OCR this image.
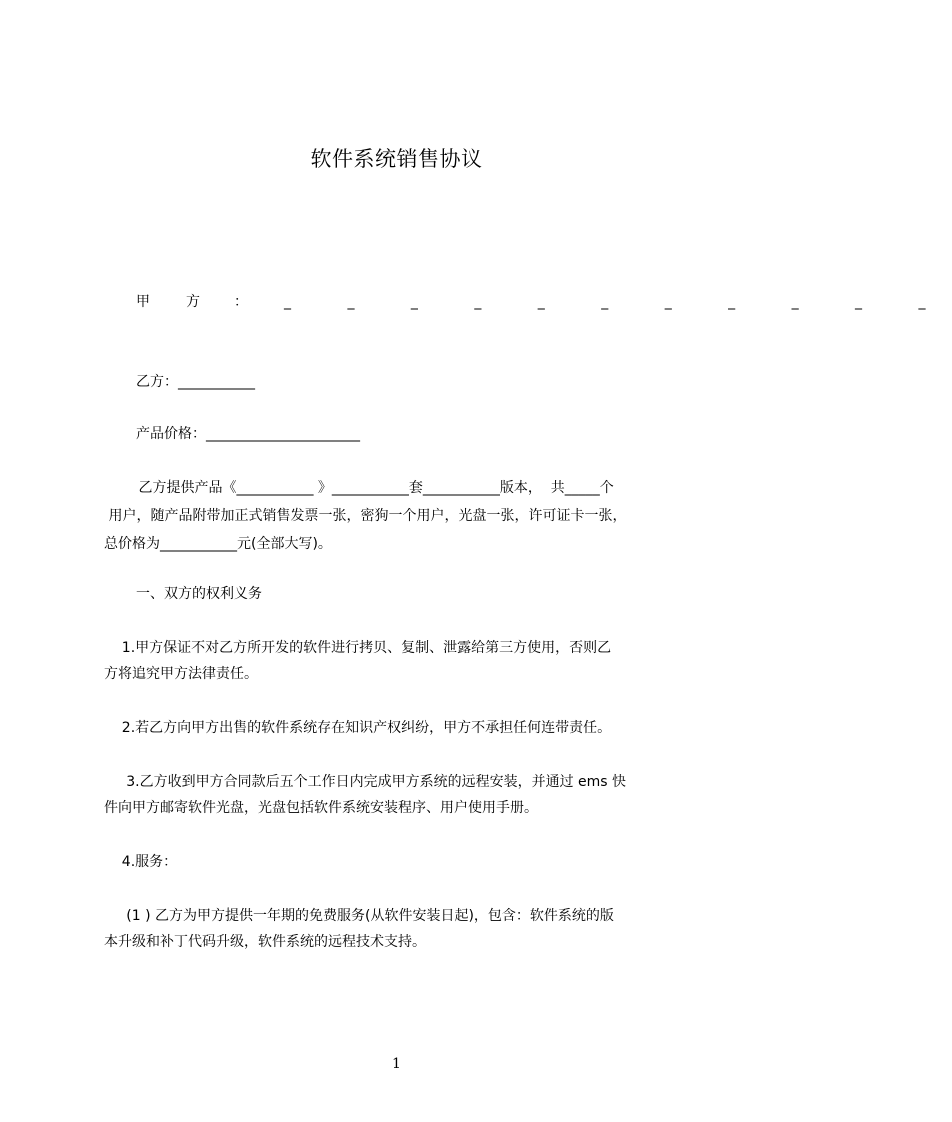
软件系统销售协议
甲	方 ：	_ _ _ _ _ _ _ _ _ _ _
乙方：___________
产品价格：______________________
乙方提供产品《___________ 》___________套___________版本，  共_____个
用户，随产品附带加正式销售发票一张，密狗一个用户，光盘一张，许可证卡一张，
总价格为___________元(全部大写)。
一、双方的权利义务
1.甲方保证不对乙方所开发的软件进行拷贝、复制、泄露给第三方使用，否则乙
方将追究甲方法律责任。
2.若乙方向甲方出售的软件系统存在知识产权纠纷，甲方不承担任何连带责任。
3.乙方收到甲方合同款后五个工作日内完成甲方系统的远程安装，并通过 ems 快
件向甲方邮寄软件光盘，光盘包括软件系统安装程序、用户使用手册。
4.服务：
(1 ) 乙方为甲方提供一年期的免费服务(从软件安装日起)，包含：软件系统的版
本升级和补丁代码升级，软件系统的远程技术支持。
1
